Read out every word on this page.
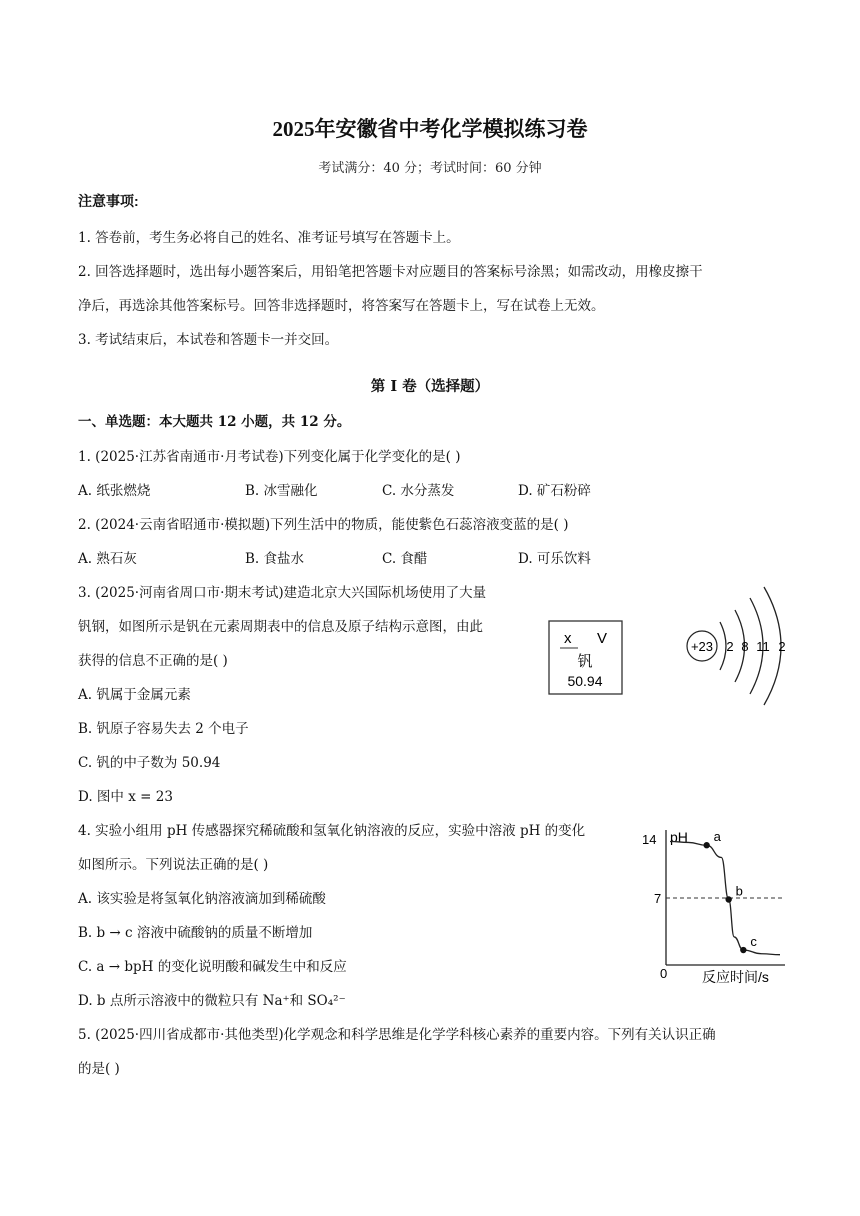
2025年安徽省中考化学模拟练习卷
考试满分：40 分；考试时间：60 分钟
注意事项:
1. 答卷前，考生务必将自己的姓名、准考证号填写在答题卡上。
2. 回答选择题时，选出每小题答案后，用铅笔把答题卡对应题目的答案标号涂黑；如需改动，用橡皮擦干
净后，再选涂其他答案标号。回答非选择题时，将答案写在答题卡上，写在试卷上无效。
3. 考试结束后，本试卷和答题卡一并交回。
第 I 卷（选择题）
一、单选题：本大题共 12 小题，共 12 分。
1. (2025·江苏省南通市·月考试卷)下列变化属于化学变化的是( )
A. 纸张燃烧	B. 冰雪融化	C. 水分蒸发	D. 矿石粉碎
2. (2024·云南省昭通市·模拟题)下列生活中的物质，能使紫色石蕊溶液变蓝的是( )
A. 熟石灰	B. 食盐水	C. 食醋	D. 可乐饮料
3. (2025·河南省周口市·期末考试)建造北京大兴国际机场使用了大量
钒钢，如图所示是钒在元素周期表中的信息及原子结构示意图，由此
获得的信息不正确的是( )
A. 钒属于金属元素
B. 钒原子容易失去 2 个电子
C. 钒的中子数为 50.94
D. 图中 x = 23
x V
钒
50.94
+23 2 8 11 2
4. 实验小组用 pH 传感器探究稀硫酸和氢氧化钠溶液的反应，实验中溶液 pH 的变化
如图所示。下列说法正确的是( )
A. 该实验是将氢氧化钠溶液滴加到稀硫酸
B. b → c 溶液中硫酸钠的质量不断增加
C. a → bpH 的变化说明酸和碱发生中和反应
D. b 点所示溶液中的微粒只有 Na⁺和 SO₄²⁻
pH
14
7
0 反应时间/s
a
b
c
5. (2025·四川省成都市·其他类型)化学观念和科学思维是化学学科核心素养的重要内容。下列有关认识正确
的是( )
